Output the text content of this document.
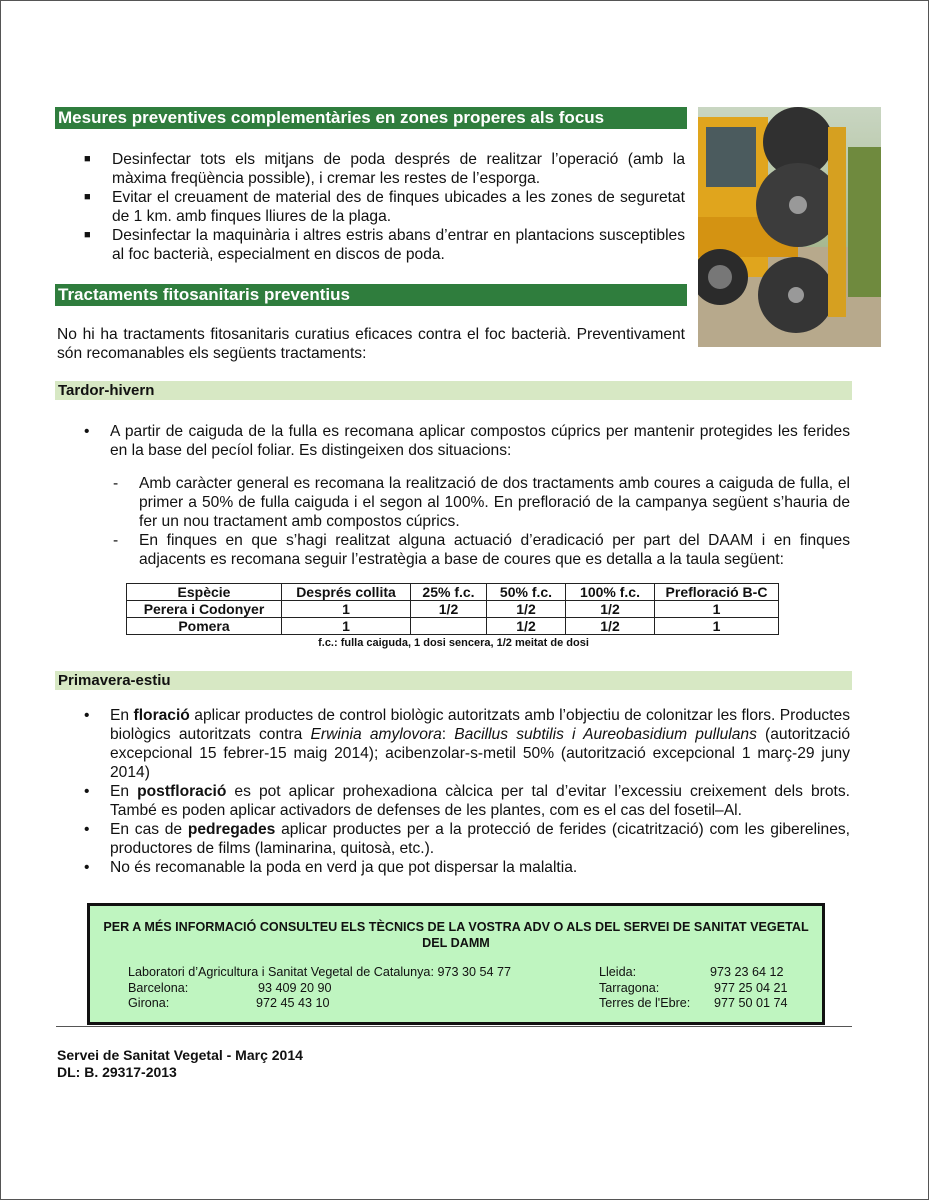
Mesures preventives complementàries en zones properes als focus
■ Desinfectar tots els mitjans de poda després de realitzar l’operació (amb la màxima freqüència possible), i cremar les restes de l’esporga.
■ Evitar el creuament de material des de finques ubicades a les zones de seguretat de 1 km. amb finques lliures de la plaga.
■ Desinfectar la maquinària i altres estris abans d’entrar en plantacions susceptibles al foc bacterià, especialment en discos de poda.
Tractaments fitosanitaris preventius
No hi ha tractaments fitosanitaris curatius eficaces contra el foc bacterià. Preventivament són recomanables els següents tractaments:
Tardor-hivern
• A partir de caiguda de la fulla es recomana aplicar compostos cúprics per mantenir protegides les ferides en la base del pecíol foliar. Es distingeixen dos situacions:
- Amb caràcter general es recomana la realització de dos tractaments amb coures a caiguda de fulla, el primer a 50% de fulla caiguda i el segon al 100%. En prefloració de la campanya següent s’hauria de fer un nou tractament amb compostos cúprics.
- En finques en que s’hagi realitzat alguna actuació d’eradicació per part del DAAM i en finques adjacents es recomana seguir l’estratègia a base de coures que es detalla a la taula següent:
Espècie	Després collita	25% f.c.	50% f.c.	100% f.c.	Prefloració B-C
Perera i Codonyer	1	1/2	1/2	1/2	1
Pomera	1		1/2	1/2	1
f.c.: fulla caiguda, 1 dosi sencera, 1/2 meitat de dosi
Primavera-estiu
• En floració aplicar productes de control biològic autoritzats amb l’objectiu de colonitzar les flors. Productes biològics autoritzats contra Erwinia amylovora: Bacillus subtilis i Aureobasidium pullulans (autorització excepcional 15 febrer-15 maig 2014); acibenzolar-s-metil 50% (autorització excepcional 1 març-29 juny 2014)
• En postfloració es pot aplicar prohexadiona càlcica per tal d’evitar l’excessiu creixement dels brots. També es poden aplicar activadors de defenses de les plantes, com es el cas del fosetil–Al.
• En cas de pedregades aplicar productes per a la protecció de ferides (cicatrització) com les giberelines, productores de films (laminarina, quitosà, etc.).
• No és recomanable la poda en verd ja que pot dispersar la malaltia.
PER A MÉS INFORMACIÓ CONSULTEU ELS TÈCNICS DE LA VOSTRA ADV O ALS DEL SERVEI DE SANITAT VEGETAL DEL DAMM
Laboratori d’Agricultura i Sanitat Vegetal de Catalunya: 973 30 54 77
Barcelona:	93 409 20 90
Girona:	972 45 43 10
Lleida:	973 23 64 12
Tarragona:	977 25 04 21
Terres de l'Ebre: 977 50 01 74
Servei de Sanitat Vegetal - Març 2014
DL: B. 29317-2013
